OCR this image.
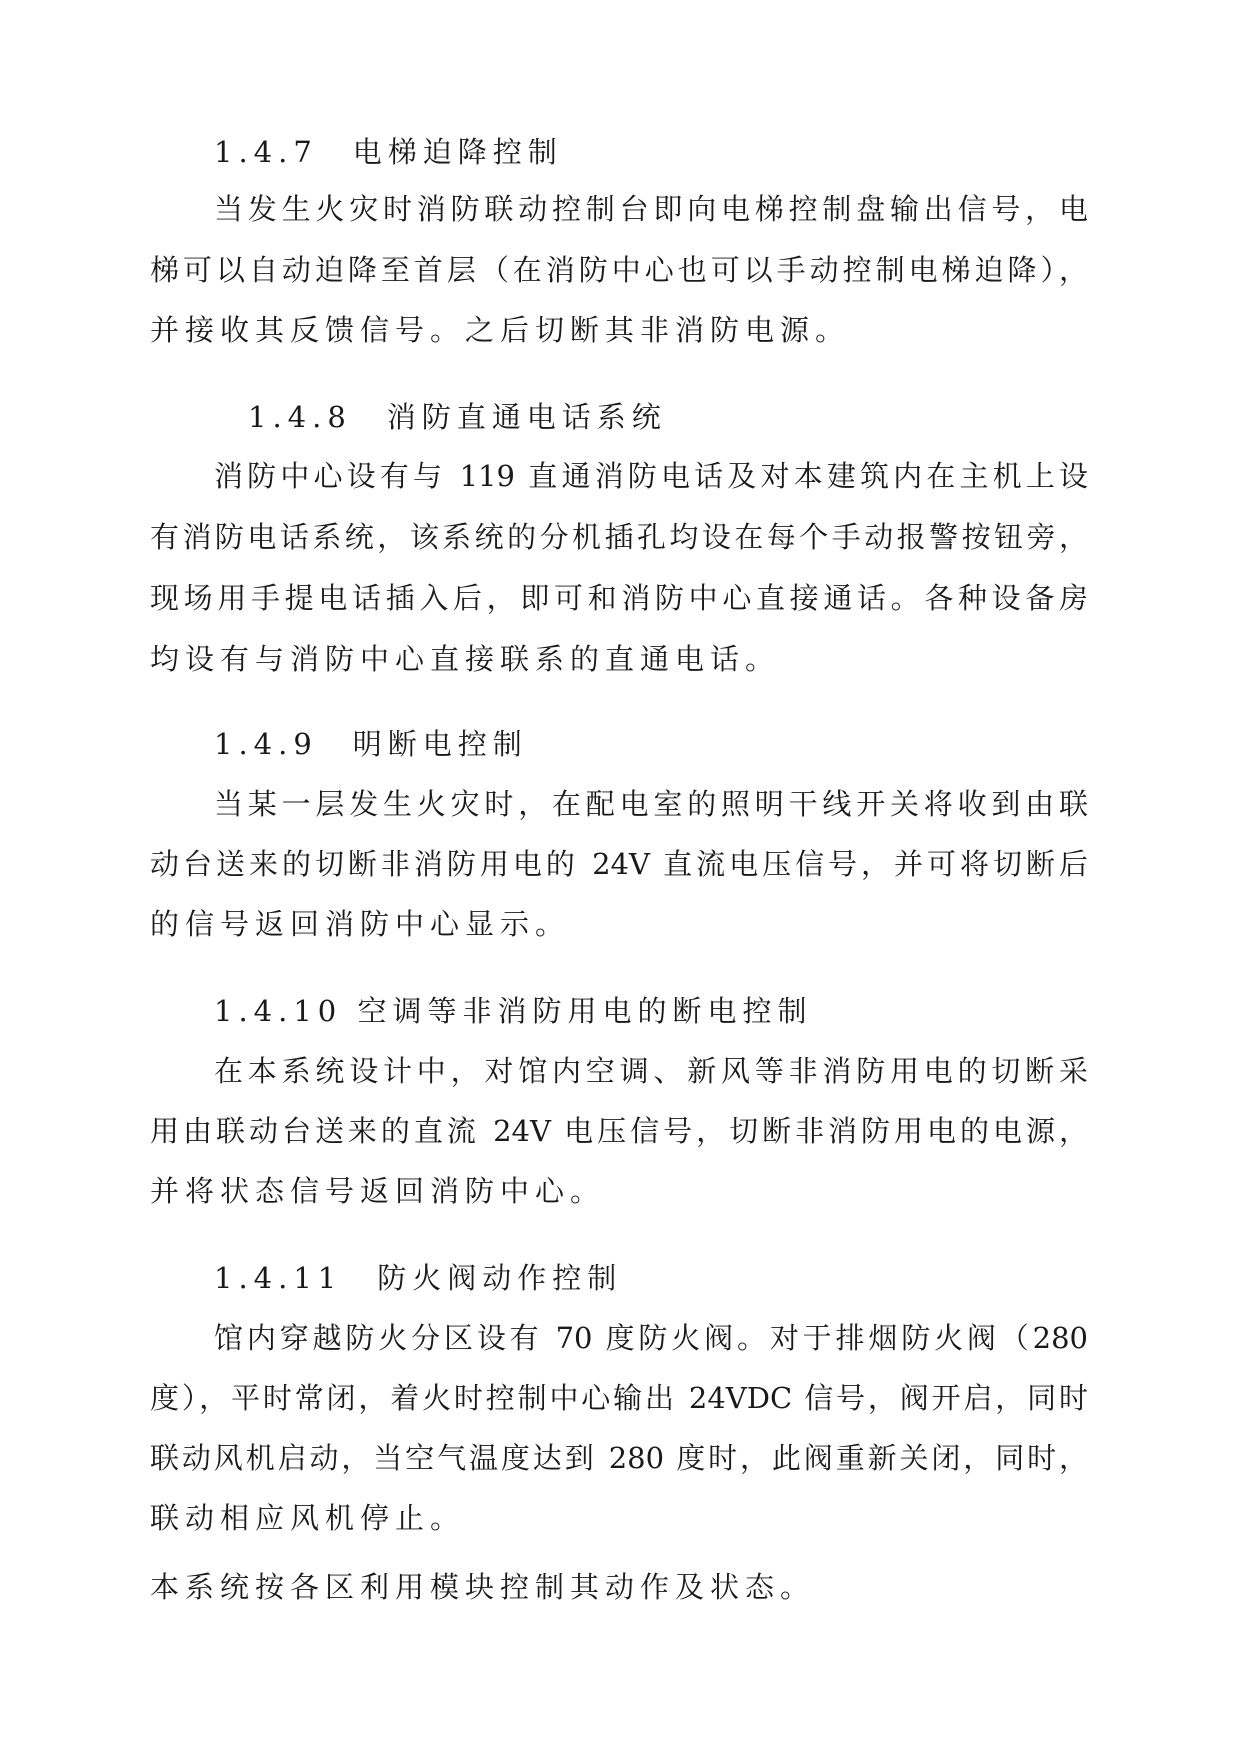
1.4.7　电梯迫降控制
当发生火灾时消防联动控制台即向电梯控制盘输出信号，电
梯可以自动迫降至首层（在消防中心也可以手动控制电梯迫降），
并接收其反馈信号。之后切断其非消防电源。
1.4.8　消防直通电话系统
消防中心设有与 119 直通消防电话及对本建筑内在主机上设
有消防电话系统，该系统的分机插孔均设在每个手动报警按钮旁，
现场用手提电话插入后，即可和消防中心直接通话。各种设备房
均设有与消防中心直接联系的直通电话。
1.4.9　明断电控制
当某一层发生火灾时，在配电室的照明干线开关将收到由联
动台送来的切断非消防用电的 24V 直流电压信号，并可将切断后
的信号返回消防中心显示。
1.4.10 空调等非消防用电的断电控制
在本系统设计中，对馆内空调、新风等非消防用电的切断采
用由联动台送来的直流 24V 电压信号，切断非消防用电的电源，
并将状态信号返回消防中心。
1.4.11　防火阀动作控制
馆内穿越防火分区设有 70 度防火阀。对于排烟防火阀（280
度），平时常闭，着火时控制中心输出 24VDC 信号，阀开启，同时
联动风机启动，当空气温度达到 280 度时，此阀重新关闭，同时，
联动相应风机停止。
本系统按各区利用模块控制其动作及状态。
